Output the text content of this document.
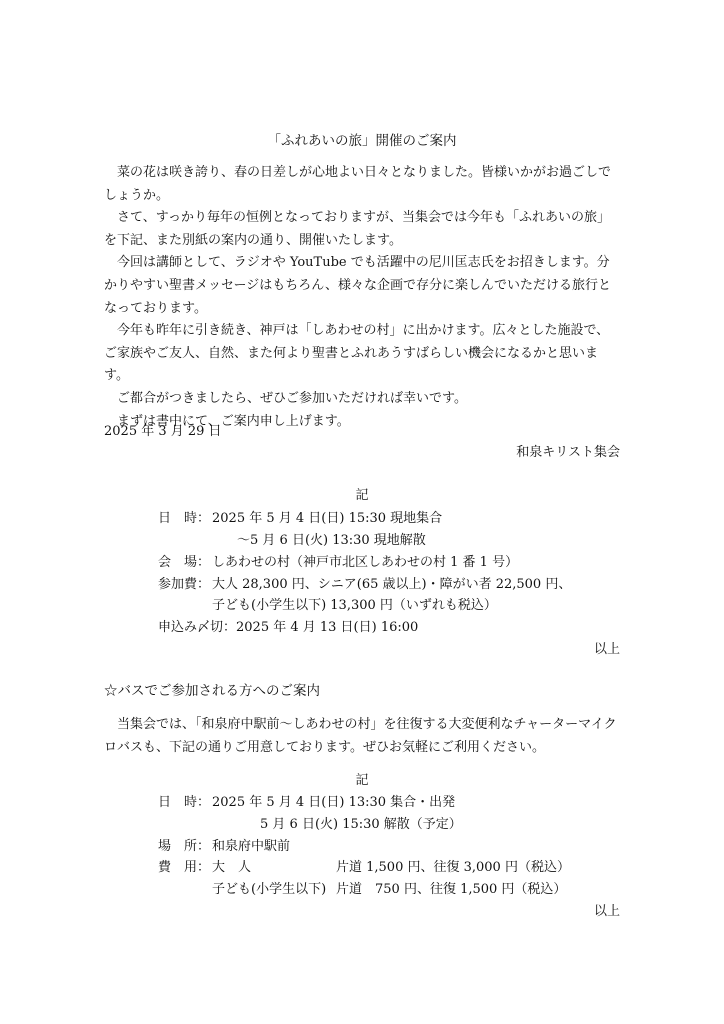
「ふれあいの旅」開催のご案内

菜の花は咲き誇り、春の日差しが心地よい日々となりました。皆様いかがお過ごしでしょうか。

さて、すっかり毎年の恒例となっておりますが、当集会では今年も「ふれあいの旅」を下記、また別紙の案内の通り、開催いたします。

今回は講師として、ラジオや YouTube でも活躍中の尼川匡志氏をお招きします。分かりやすい聖書メッセージはもちろん、様々な企画で存分に楽しんでいただける旅行となっております。

今年も昨年に引き続き、神戸は「しあわせの村」に出かけます。広々とした施設で、ご家族やご友人、自然、また何より聖書とふれあうすばらしい機会になるかと思います。

ご都合がつきましたら、ぜひご参加いただければ幸いです。

まずは書中にて、ご案内申し上げます。

2025 年 3 月 29 日
和泉キリスト集会
記
日　時： 2025 年 5 月 4 日(日) 15:30 現地集合
～5 月 6 日(火) 13:30 現地解散
会　場： しあわせの村（神戸市北区しあわせの村 1 番 1 号）
参加費： 大人 28,300 円、シニア(65 歳以上)・障がい者 22,500 円、
子ども(小学生以下) 13,300 円（いずれも税込）
申込み〆切：2025 年 4 月 13 日(日) 16:00
以上
☆バスでご参加される方へのご案内

当集会では、「和泉府中駅前～しあわせの村」を往復する大変便利なチャーターマイクロバスも、下記の通りご用意しております。ぜひお気軽にご利用ください。

記
日　時： 2025 年 5 月 4 日(日) 13:30 集合・出発
5 月 6 日(火) 15:30 解散（予定）
場　所： 和泉府中駅前
費　用： 大　人	片道 1,500 円、往復 3,000 円（税込）
子ども(小学生以下) 片道　750 円、往復 1,500 円（税込）
以上
